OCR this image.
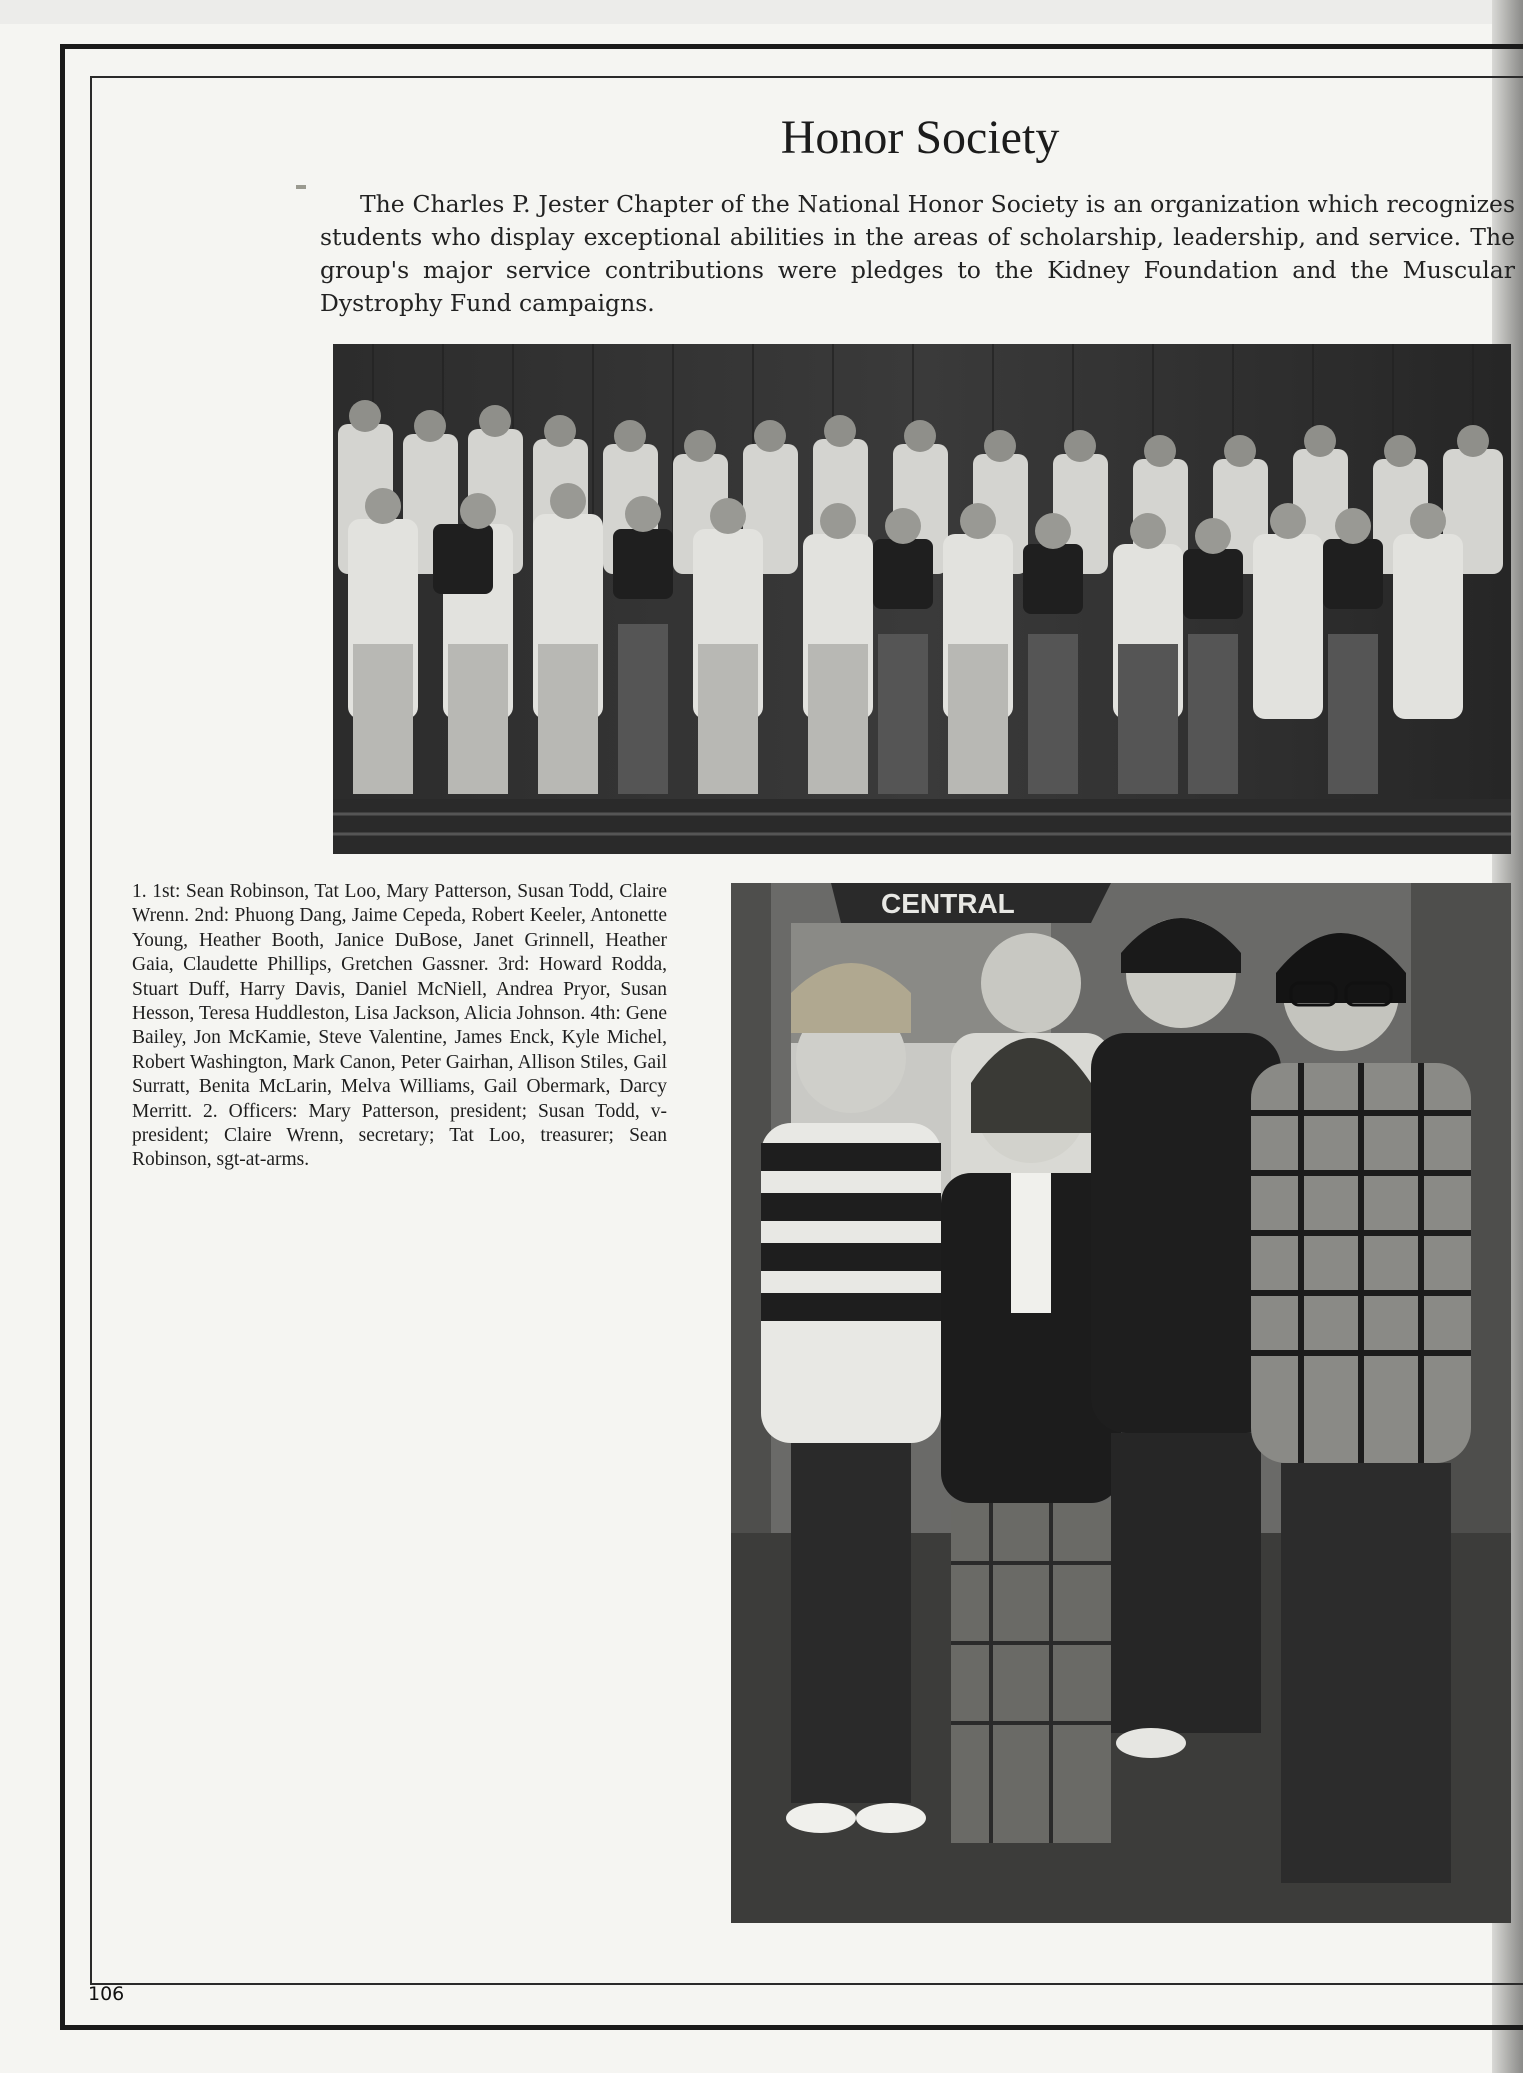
Honor Society

The Charles P. Jester Chapter of the National Honor Society is an organization which recognizes students who display exceptional abilities in the areas of scholarship, leadership, and service. The group's major service contributions were pledges to the Kidney Foundation and the Muscular Dystrophy Fund campaigns.

1. 1st: Sean Robinson, Tat Loo, Mary Patterson, Susan Todd, Claire Wrenn. 2nd: Phuong Dang, Jaime Cepeda, Robert Keeler, Antonette Young, Heather Booth, Janice DuBose, Janet Grinnell, Heather Gaia, Claudette Phillips, Gretchen Gassner. 3rd: Howard Rodda, Stuart Duff, Harry Davis, Daniel McNiell, Andrea Pryor, Susan Hesson, Teresa Huddleston, Lisa Jackson, Alicia Johnson. 4th: Gene Bailey, Jon McKamie, Steve Valentine, James Enck, Kyle Michel, Robert Washington, Mark Canon, Peter Gairhan, Allison Stiles, Gail Surratt, Benita McLarin, Melva Williams, Gail Obermark, Darcy Merritt. 2. Officers: Mary Patterson, president; Susan Todd, v-president; Claire Wrenn, secretary; Tat Loo, treasurer; Sean Robinson, sgt-at-arms.

CENTRAL
106
